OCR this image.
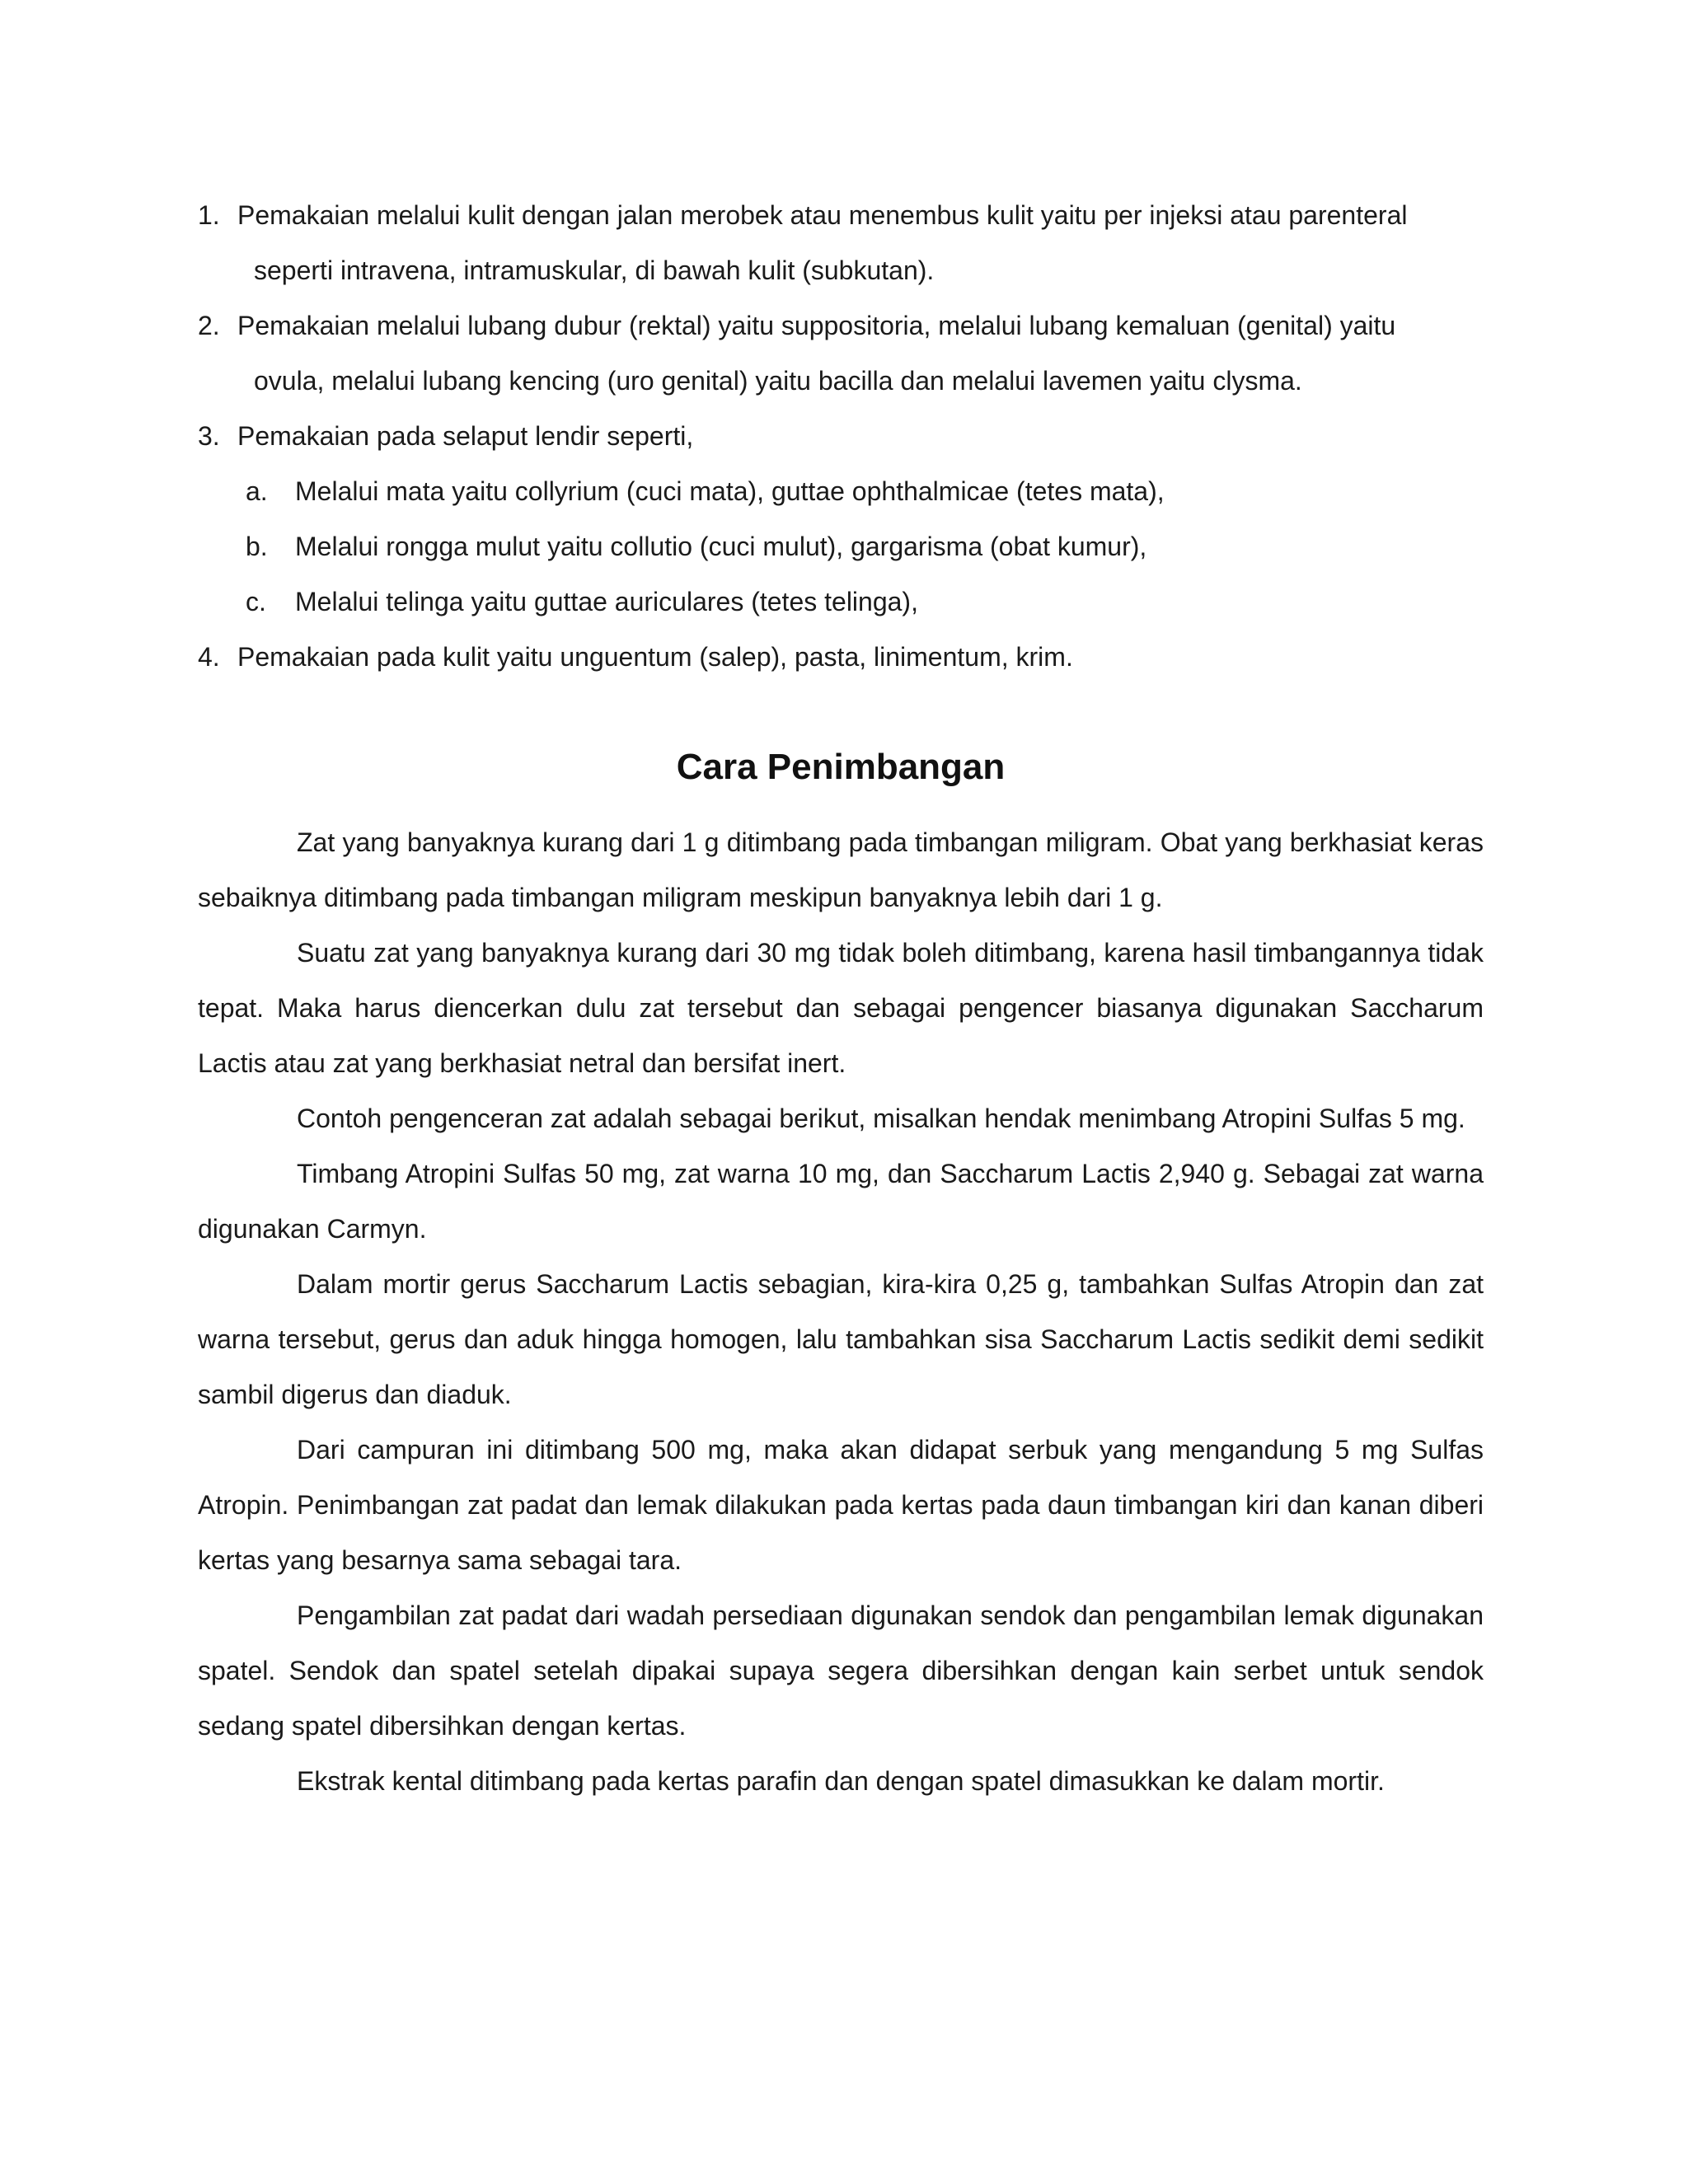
1. Pemakaian melalui kulit dengan jalan merobek atau menembus kulit yaitu per injeksi atau parenteral
seperti intravena, intramuskular, di bawah kulit (subkutan).
2. Pemakaian melalui lubang dubur (rektal) yaitu suppositoria, melalui lubang kemaluan (genital) yaitu
ovula, melalui lubang kencing (uro genital) yaitu bacilla dan melalui lavemen yaitu clysma.
3. Pemakaian pada selaput lendir seperti,
a. Melalui mata yaitu collyrium (cuci mata), guttae ophthalmicae (tetes mata),
b. Melalui rongga mulut yaitu collutio (cuci mulut), gargarisma (obat kumur),
c. Melalui telinga yaitu guttae auriculares (tetes telinga),
4. Pemakaian pada kulit yaitu unguentum (salep), pasta, linimentum, krim.
Cara Penimbangan

Zat yang banyaknya kurang dari 1 g ditimbang pada timbangan miligram. Obat yang berkhasiat keras sebaiknya ditimbang pada timbangan miligram meskipun banyaknya lebih dari 1 g.

Suatu zat yang banyaknya kurang dari 30 mg tidak boleh ditimbang, karena hasil timbangannya tidak tepat. Maka harus diencerkan dulu zat tersebut dan sebagai pengencer biasanya digunakan Saccharum Lactis atau zat yang berkhasiat netral dan bersifat inert.

Contoh pengenceran zat adalah sebagai berikut, misalkan hendak menimbang Atropini Sulfas 5 mg.

Timbang Atropini Sulfas 50 mg, zat warna 10 mg, dan Saccharum Lactis 2,940 g. Sebagai zat warna digunakan Carmyn.

Dalam mortir gerus Saccharum Lactis sebagian, kira-kira 0,25 g, tambahkan Sulfas Atropin dan zat warna tersebut, gerus dan aduk hingga homogen, lalu tambahkan sisa Saccharum Lactis sedikit demi sedikit sambil digerus dan diaduk.

Dari campuran ini ditimbang 500 mg, maka akan didapat serbuk yang mengandung 5 mg Sulfas Atropin. Penimbangan zat padat dan lemak dilakukan pada kertas pada daun timbangan kiri dan kanan diberi kertas yang besarnya sama sebagai tara.

Pengambilan zat padat dari wadah persediaan digunakan sendok dan pengambilan lemak digunakan spatel. Sendok dan spatel setelah dipakai supaya segera dibersihkan dengan kain serbet untuk sendok sedang spatel dibersihkan dengan kertas.

Ekstrak kental ditimbang pada kertas parafin dan dengan spatel dimasukkan ke dalam mortir.
